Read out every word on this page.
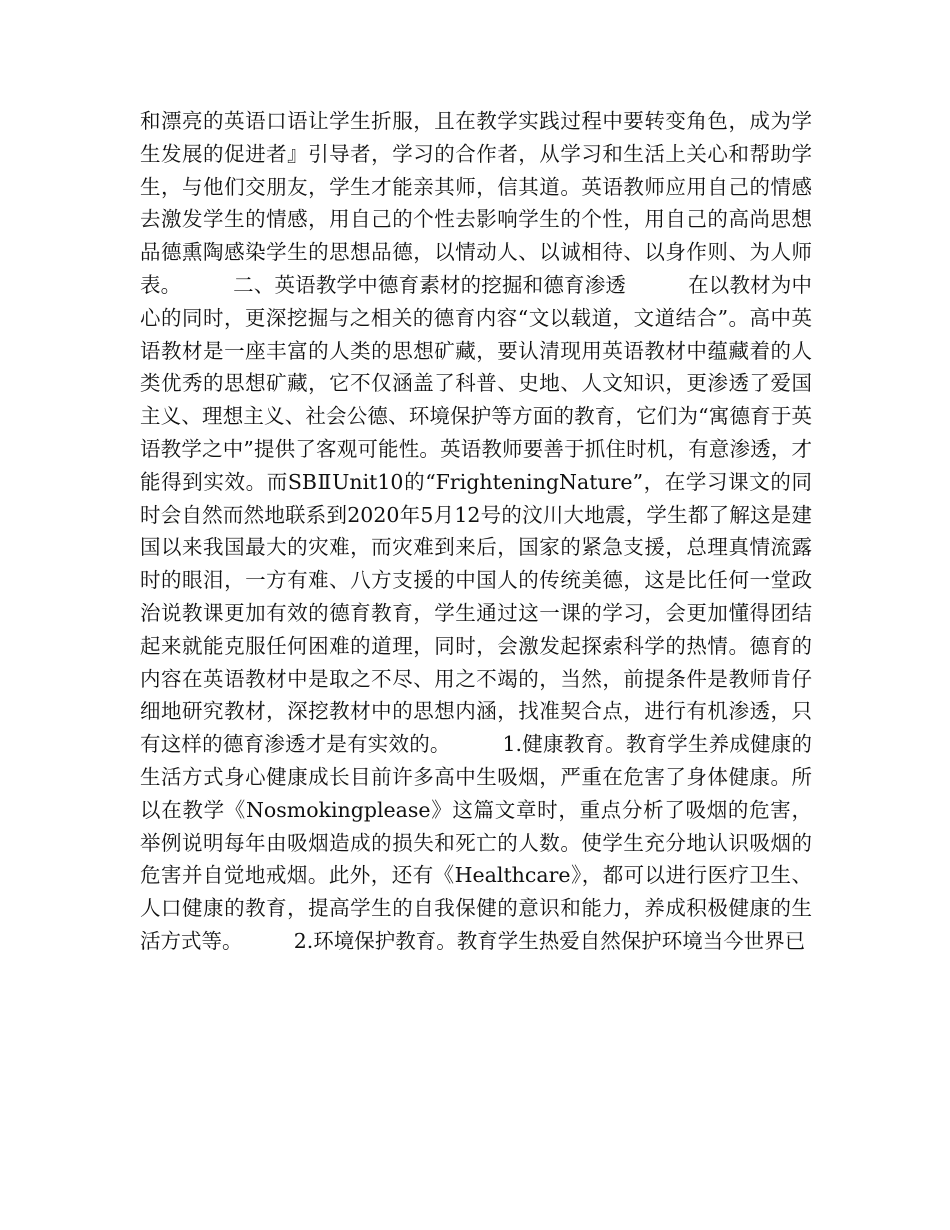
和漂亮的英语口语让学生折服，且在教学实践过程中要转变角色，成为学生发展的促进者』引导者，学习的合作者，从学习和生活上关心和帮助学生，与他们交朋友，学生才能亲其师，信其道。英语教师应用自己的情感去激发学生的情感，用自己的个性去影响学生的个性，用自己的高尚思想品德熏陶感染学生的思想品德，以情动人、以诚相待、以身作则、为人师表。　　　二、英语教学中德育素材的挖掘和德育渗透　　　在以教材为中心的同时，更深挖掘与之相关的德育内容“文以载道，文道结合”。高中英语教材是一座丰富的人类的思想矿藏，要认清现用英语教材中蕴藏着的人类优秀的思想矿藏，它不仅涵盖了科普、史地、人文知识，更渗透了爱国主义、理想主义、社会公德、环境保护等方面的教育，它们为“寓德育于英语教学之中”提供了客观可能性。英语教师要善于抓住时机，有意渗透，才能得到实效。而SBⅡUnit10的“FrighteningNature”，在学习课文的同时会自然而然地联系到2020年5月12号的汶川大地震，学生都了解这是建国以来我国最大的灾难，而灾难到来后，国家的紧急支援，总理真情流露时的眼泪，一方有难、八方支援的中国人的传统美德，这是比任何一堂政治说教课更加有效的德育教育，学生通过这一课的学习，会更加懂得团结起来就能克服任何困难的道理，同时，会激发起探索科学的热情。德育的内容在英语教材中是取之不尽、用之不竭的，当然，前提条件是教师肯仔细地研究教材，深挖教材中的思想内涵，找准契合点，进行有机渗透，只有这样的德育渗透才是有实效的。　　　1.健康教育。教育学生养成健康的生活方式身心健康成长目前许多高中生吸烟，严重在危害了身体健康。所以在教学《Nosmokingplease》这篇文章时，重点分析了吸烟的危害，举例说明每年由吸烟造成的损失和死亡的人数。使学生充分地认识吸烟的危害并自觉地戒烟。此外，还有《Healthcare》，都可以进行医疗卫生、人口健康的教育，提高学生的自我保健的意识和能力，养成积极健康的生活方式等。　　　2.环境保护教育。教育学生热爱自然保护环境当今世界已
